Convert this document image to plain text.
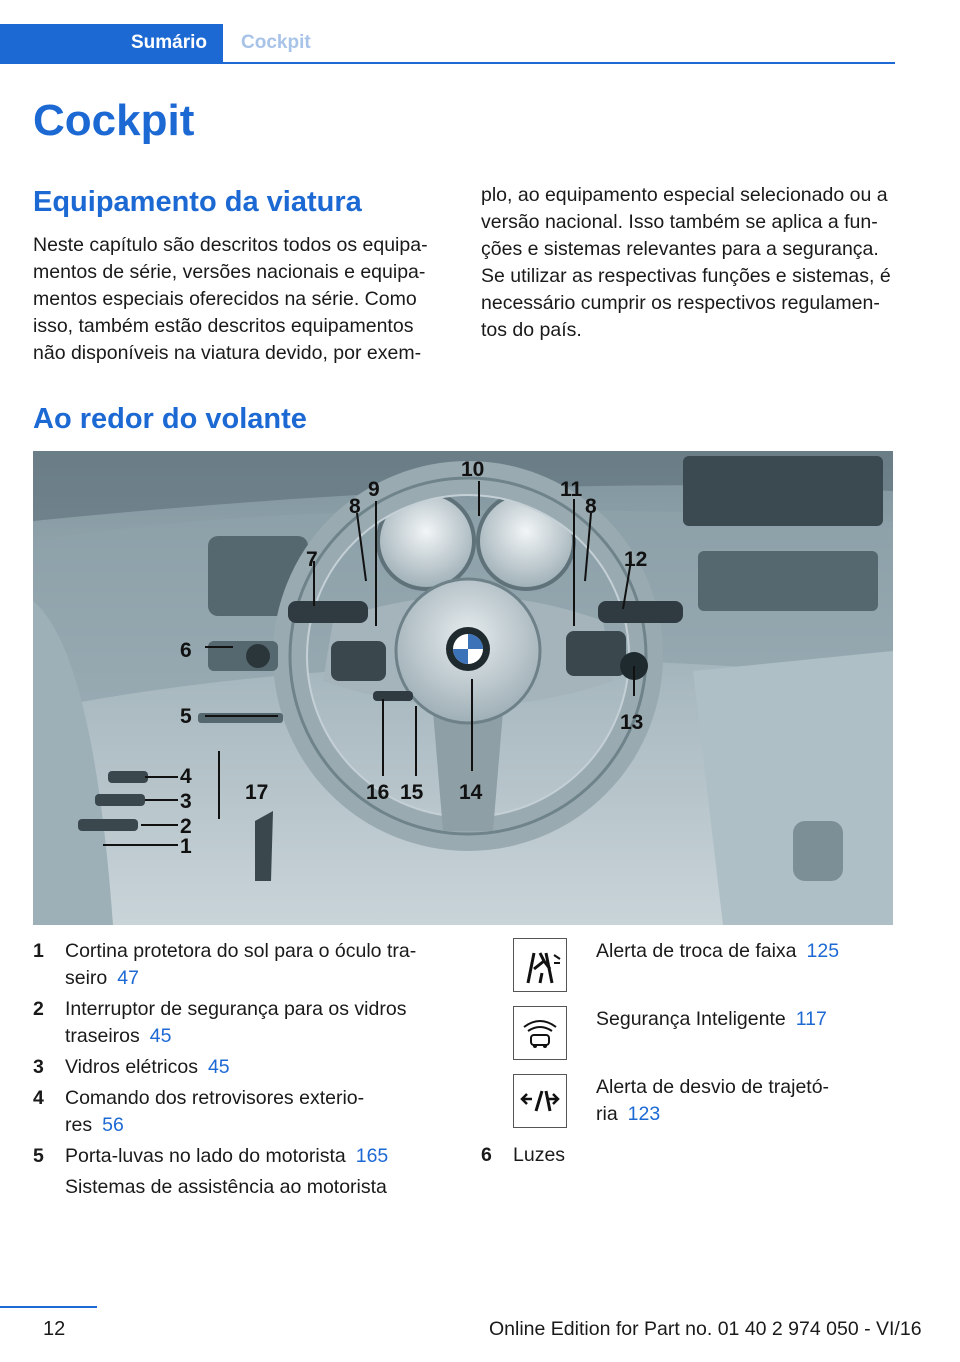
Sumário	Cockpit
Cockpit
Equipamento da viatura
Neste capítulo são descritos todos os equipa‐
mentos de série, versões nacionais e equipa‐
mentos especiais oferecidos na série. Como
isso, também estão descritos equipamentos
não disponíveis na viatura devido, por exem‐
plo, ao equipamento especial selecionado ou a
versão nacional. Isso também se aplica a fun‐
ções e sistemas relevantes para a segurança.
Se utilizar as respectivas funções e sistemas, é
necessário cumprir os respectivos regulamen‐
tos do país.
Ao redor do volante
10
9
8
7
11
8
12
13
14
15
16
17
6
5
4
3
2
1
1 Cortina protetora do sol para o óculo tra‐
seiro 47
2 Interruptor de segurança para os vidros
traseiros 45
3 Vidros elétricos 45
4 Comando dos retrovisores exterio‐
res 56
5 Porta-luvas no lado do motorista 165
Sistemas de assistência ao motorista
Alerta de troca de faixa 125
Segurança Inteligente 117
Alerta de desvio de trajetó‐
ria 123
6 Luzes
12	Online Edition for Part no. 01 40 2 974 050 - VI/16
